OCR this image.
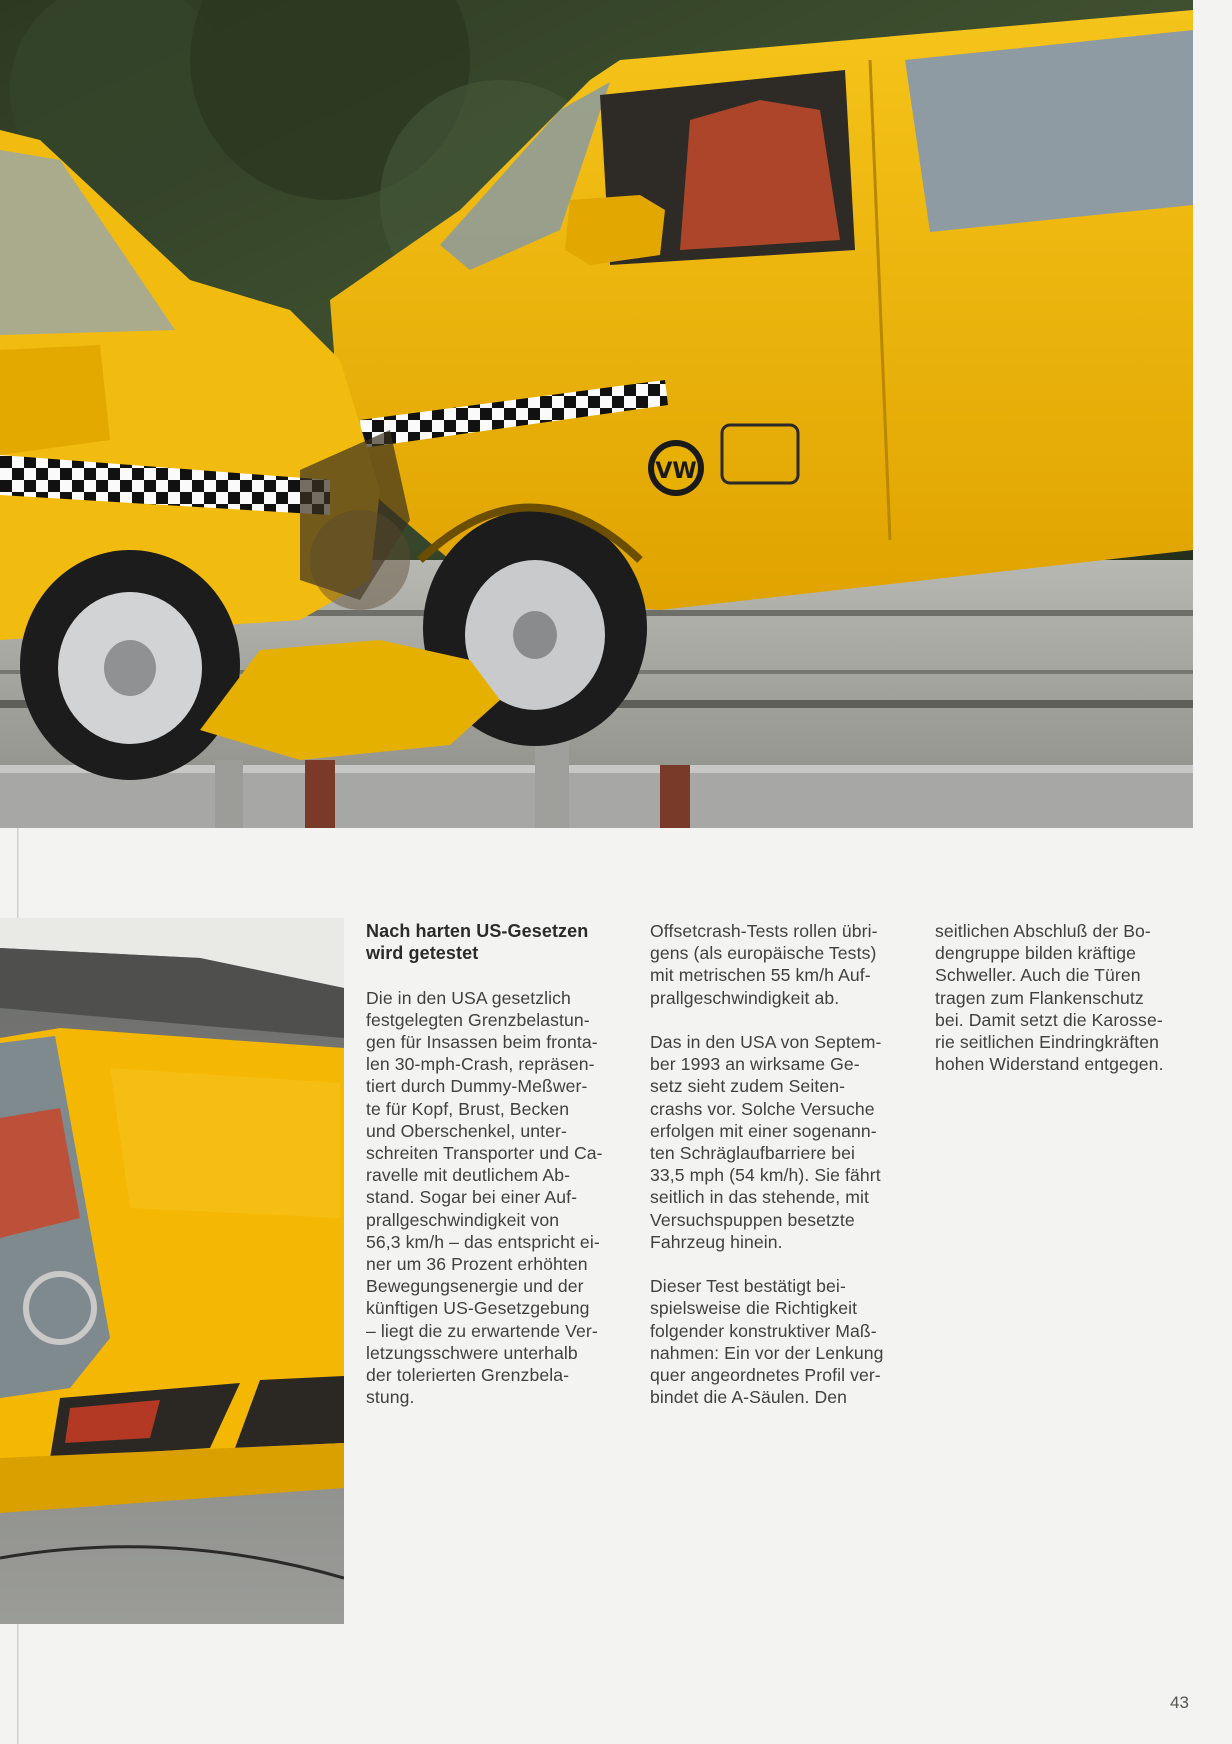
VW
Nach harten US-Gesetzen
wird getestet

Die in den USA gesetzlich
festgelegten Grenzbelastun-
gen für Insassen beim fronta-
len 30-mph-Crash, repräsen-
tiert durch Dummy-Meßwer-
te für Kopf, Brust, Becken
und Oberschenkel, unter-
schreiten Transporter und Ca-
ravelle mit deutlichem Ab-
stand. Sogar bei einer Auf-
prallgeschwindigkeit von
56,3 km/h – das entspricht ei-
ner um 36 Prozent erhöhten
Bewegungsenergie und der
künftigen US-Gesetzgebung
– liegt die zu erwartende Ver-
letzungsschwere unterhalb
der tolerierten Grenzbela-
stung.

Offsetcrash-Tests rollen übri-
gens (als europäische Tests)
mit metrischen 55 km/h Auf-
prallgeschwindigkeit ab.

Das in den USA von Septem-
ber 1993 an wirksame Ge-
setz sieht zudem Seiten-
crashs vor. Solche Versuche
erfolgen mit einer sogenann-
ten Schräglaufbarriere bei
33,5 mph (54 km/h). Sie fährt
seitlich in das stehende, mit
Versuchspuppen besetzte
Fahrzeug hinein.

Dieser Test bestätigt bei-
spielsweise die Richtigkeit
folgender konstruktiver Maß-
nahmen: Ein vor der Lenkung
quer angeordnetes Profil ver-
bindet die A-Säulen. Den

seitlichen Abschluß der Bo-
dengruppe bilden kräftige
Schweller. Auch die Türen
tragen zum Flankenschutz
bei. Damit setzt die Karosse-
rie seitlichen Eindringkräften
hohen Widerstand entgegen.

43
